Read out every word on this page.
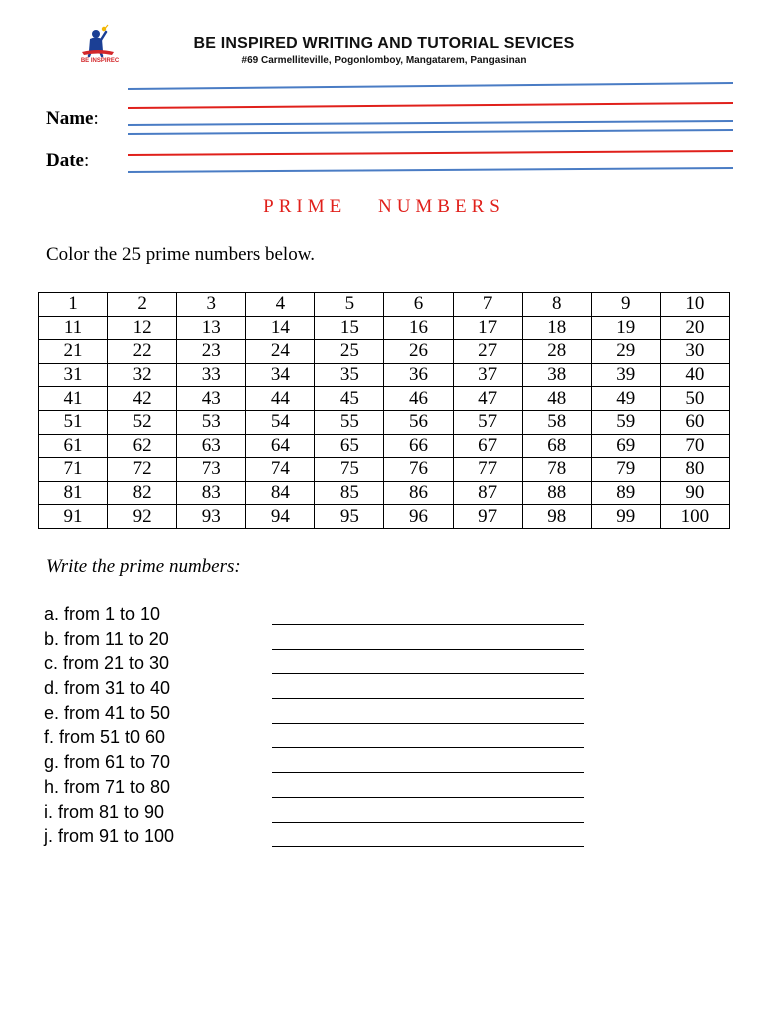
BE INSPIREC
BE INSPIRED WRITING AND TUTORIAL SEVICES
#69 Carmelliteville, Pogonlomboy, Mangatarem, Pangasinan
Name:
Date:
PRIME NUMBERS
Color the 25 prime numbers below.
1	2	3	4	5	6	7	8	9	10
11	12	13	14	15	16	17	18	19	20
21	22	23	24	25	26	27	28	29	30
31	32	33	34	35	36	37	38	39	40
41	42	43	44	45	46	47	48	49	50
51	52	53	54	55	56	57	58	59	60
61	62	63	64	65	66	67	68	69	70
71	72	73	74	75	76	77	78	79	80
81	82	83	84	85	86	87	88	89	90
91	92	93	94	95	96	97	98	99	100
Write the prime numbers:
a. from 1 to 10
b. from 11 to 20
c. from 21 to 30
d. from 31 to 40
e. from 41 to 50
f. from 51 t0 60
g. from 61 to 70
h. from 71 to 80
i. from 81 to 90
j. from 91 to 100
